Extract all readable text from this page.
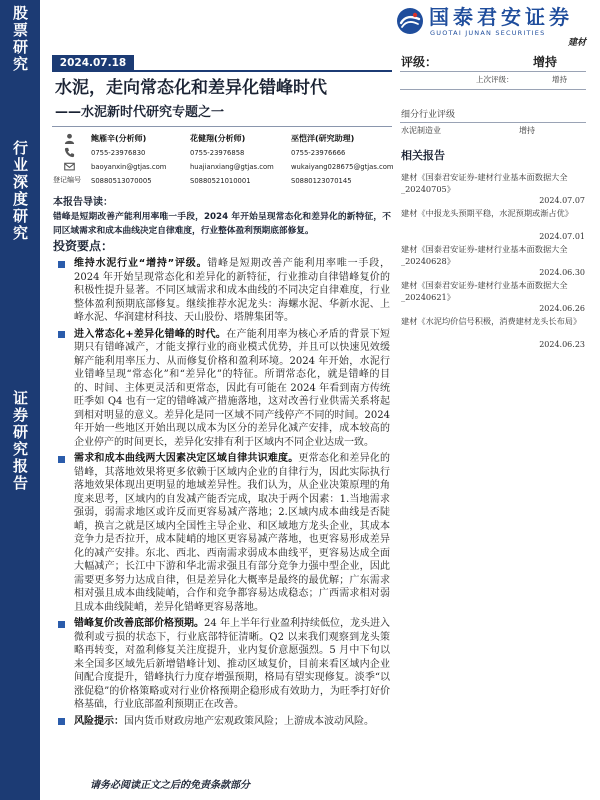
股票研究
行业深度研究
证券研究报告
国泰君安证券
GUOTAI JUNAN SECURITIES
建材
2024.07.18
水泥，走向常态化和差异化错峰时代
——水泥新时代研究专题之一
登记编号
鲍雁辛(分析师)
0755-23976830
baoyanxin@gtjas.com
S0880513070005
花健翔(分析师)
0755-23976858
huajianxiang@gtjas.com
S0880521010001
巫恺洋(研究助理)
0755-23976666
wukaiyang028675@gtjas.com
S0880123070145
评级：	增持
上次评级：	增持
细分行业评级
水泥制造业	增持
相关报告
建材《国泰君安证券-建材行业基本面数据大全_20240705》
2024.07.07
建材《中报龙头预期平稳，水泥预期或渐占优》
2024.07.01
建材《国泰君安证券-建材行业基本面数据大全_20240628》
2024.06.30
建材《国泰君安证券-建材行业基本面数据大全_20240621》
2024.06.26
建材《水泥均价信号积极，消费建材龙头长布局》
2024.06.23
本报告导读：
错峰是短期改善产能利用率唯一手段，2024 年开始呈现常态化和差异化的新特征，不同区域需求和成本曲线决定自律难度，行业整体盈利预期底部修复。
投资要点：
维持水泥行业“增持”评级。错峰是短期改善产能利用率唯一手段，2024 年开始呈现常态化和差异化的新特征，行业推动自律错峰复价的积极性提升显著。不同区域需求和成本曲线的不同决定自律难度，行业整体盈利预期底部修复。继续推荐水泥龙头：海螺水泥、华新水泥、上峰水泥、华润建材科技、天山股份、塔牌集团等。
进入常态化+差异化错峰的时代。在产能利用率为核心矛盾的背景下短期只有错峰减产，才能支撑行业的商业模式优势，并且可以快速见效缓解产能利用率压力、从而修复价格和盈利环境。2024 年开始，水泥行业错峰呈现“常态化”和“差异化”的特征。所谓常态化，就是错峰的目的、时间、主体更灵活和更常态，因此有可能在 2024 年看到南方传统旺季如 Q4 也有一定的错峰减产措施落地，这对改善行业供需关系将起到相对明显的意义。差异化是同一区域不同产线停产不同的时间。2024 年开始一些地区开始出现以成本为区分的差异化减产安排，成本较高的企业停产的时间更长，差异化安排有利于区域内不同企业达成一致。
需求和成本曲线两大因素决定区域自律共识难度。更常态化和差异化的错峰，其落地效果将更多依赖于区域内企业的自律行为，因此实际执行落地效果体现出更明显的地域差异性。我们认为，从企业决策原理的角度来思考，区域内的自发减产能否完成，取决于两个因素：1.当地需求强弱，弱需求地区或许反而更容易减产落地；2.区域内成本曲线是否陡峭，换言之就是区域内全国性主导企业、和区域地方龙头企业，其成本竞争力是否拉开，成本陡峭的地区更容易减产落地，也更容易形成差异化的减产安排。东北、西北、西南需求弱成本曲线平，更容易达成全面大幅减产；长江中下游和华北需求强且有部分竞争力强中型企业，因此需要更多努力达成自律，但是差异化大概率是最终的最优解；广东需求相对强且成本曲线陡峭，合作和竞争都容易达成稳态；广西需求相对弱且成本曲线陡峭，差异化错峰更容易落地。
错峰复价改善底部价格预期。24 年上半年行业盈利持续低位，龙头进入微利或亏损的状态下，行业底部特征清晰。Q2 以来我们观察到龙头策略再转变，对盈利修复关注度提升，业内复价意愿强烈。5 月中下旬以来全国多区域先后新增错峰计划、推动区域复价，目前来看区域内企业间配合度提升，错峰执行力度存增强预期，格局有望实现修复。淡季“以涨促稳”的价格策略或对行业价格预期企稳形成有效助力，为旺季打好价格基础，行业底部盈利预期正在改善。
风险提示：国内货币财政房地产宏观政策风险；上游成本波动风险。
请务必阅读正文之后的免责条款部分
